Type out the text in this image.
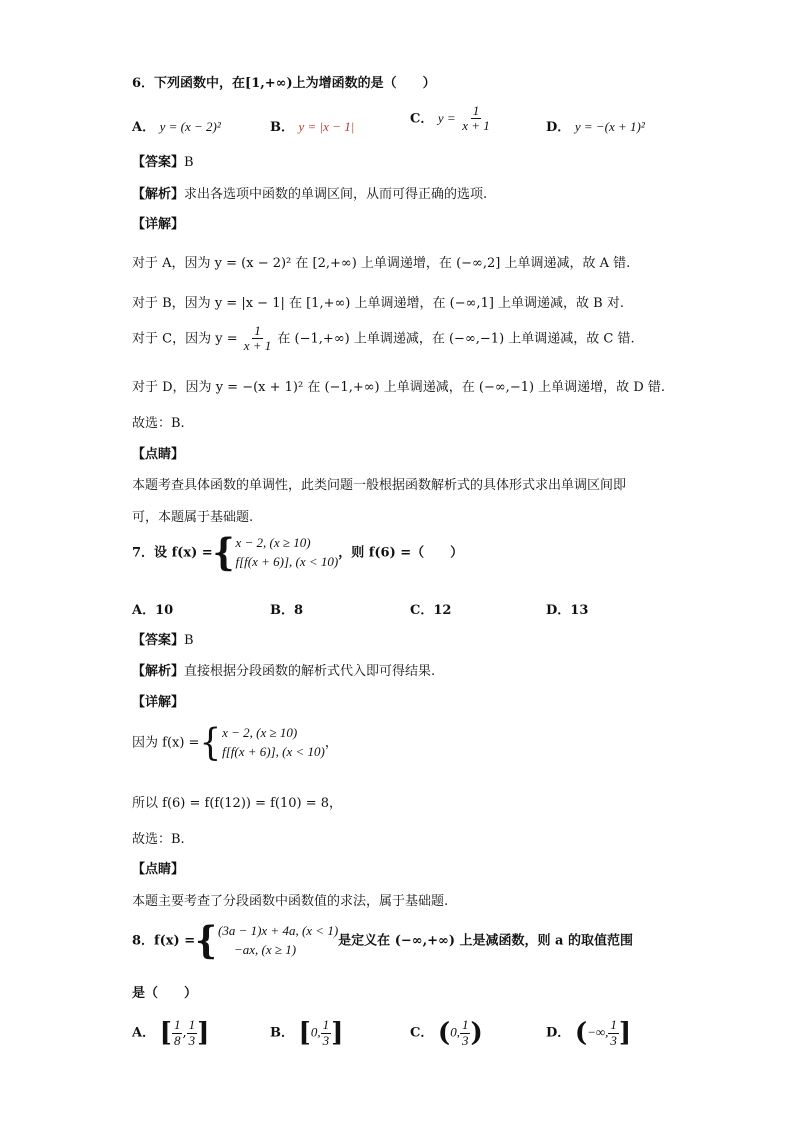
6．下列函数中，在[1,+∞)上为增函数的是（　　）
A． y = (x − 2)²	B． y = |x − 1|
C． $y = \frac{1}{x + 1}$	D． y = −(x + 1)²
【答案】B
【解析】求出各选项中函数的单调区间，从而可得正确的选项.
【详解】
对于 A，因为 y = (x − 2)² 在 [2,+∞) 上单调递增，在 (−∞,2] 上单调递减，故 A 错.
对于 B，因为 y = |x − 1| 在 [1,+∞) 上单调递增，在 (−∞,1] 上单调递减，故 B 对.
对于 C，因为 $y = \frac{1}{x + 1}$ 在 (−1,+∞) 上单调递减，在 (−∞,−1) 上单调递减，故 C 错.
对于 D，因为 y = −(x + 1)² 在 (−1,+∞) 上单调递减，在 (−∞,−1) 上单调递增，故 D 错.
故选：B.
【点睛】
本题考查具体函数的单调性，此类问题一般根据函数解析式的具体形式求出单调区间即
可，本题属于基础题.
7．设 f(x) ={ x − 2, (x ≥ 10)
f[f(x + 6)], (x < 10)
，则 f(6) =（　　）
A．10	B．8	C．12	D．13
【答案】B
【解析】直接根据分段函数的解析式代入即可得结果.
【详解】
因为 f(x) ={ x − 2, (x ≥ 10)
f[f(x + 6)], (x < 10)
，
所以 f(6) = f(f(12)) = f(10) = 8，
故选：B.
【点睛】
本题主要考查了分段函数中函数值的求法，属于基础题.
8．f(x) ={ (3a − 1)x + 4a, (x < 1)
−ax, (x ≥ 1)
是定义在 (−∞,+∞) 上是减函数，则 a 的取值范围
是（　　）
A． [ $\frac{1}{8}$ , $\frac{1}{3}$ ]	B． [0, $\frac{1}{3}$ ]	C． (0, $\frac{1}{3}$ )	D． (−∞, $\frac{1}{3}$ ]
